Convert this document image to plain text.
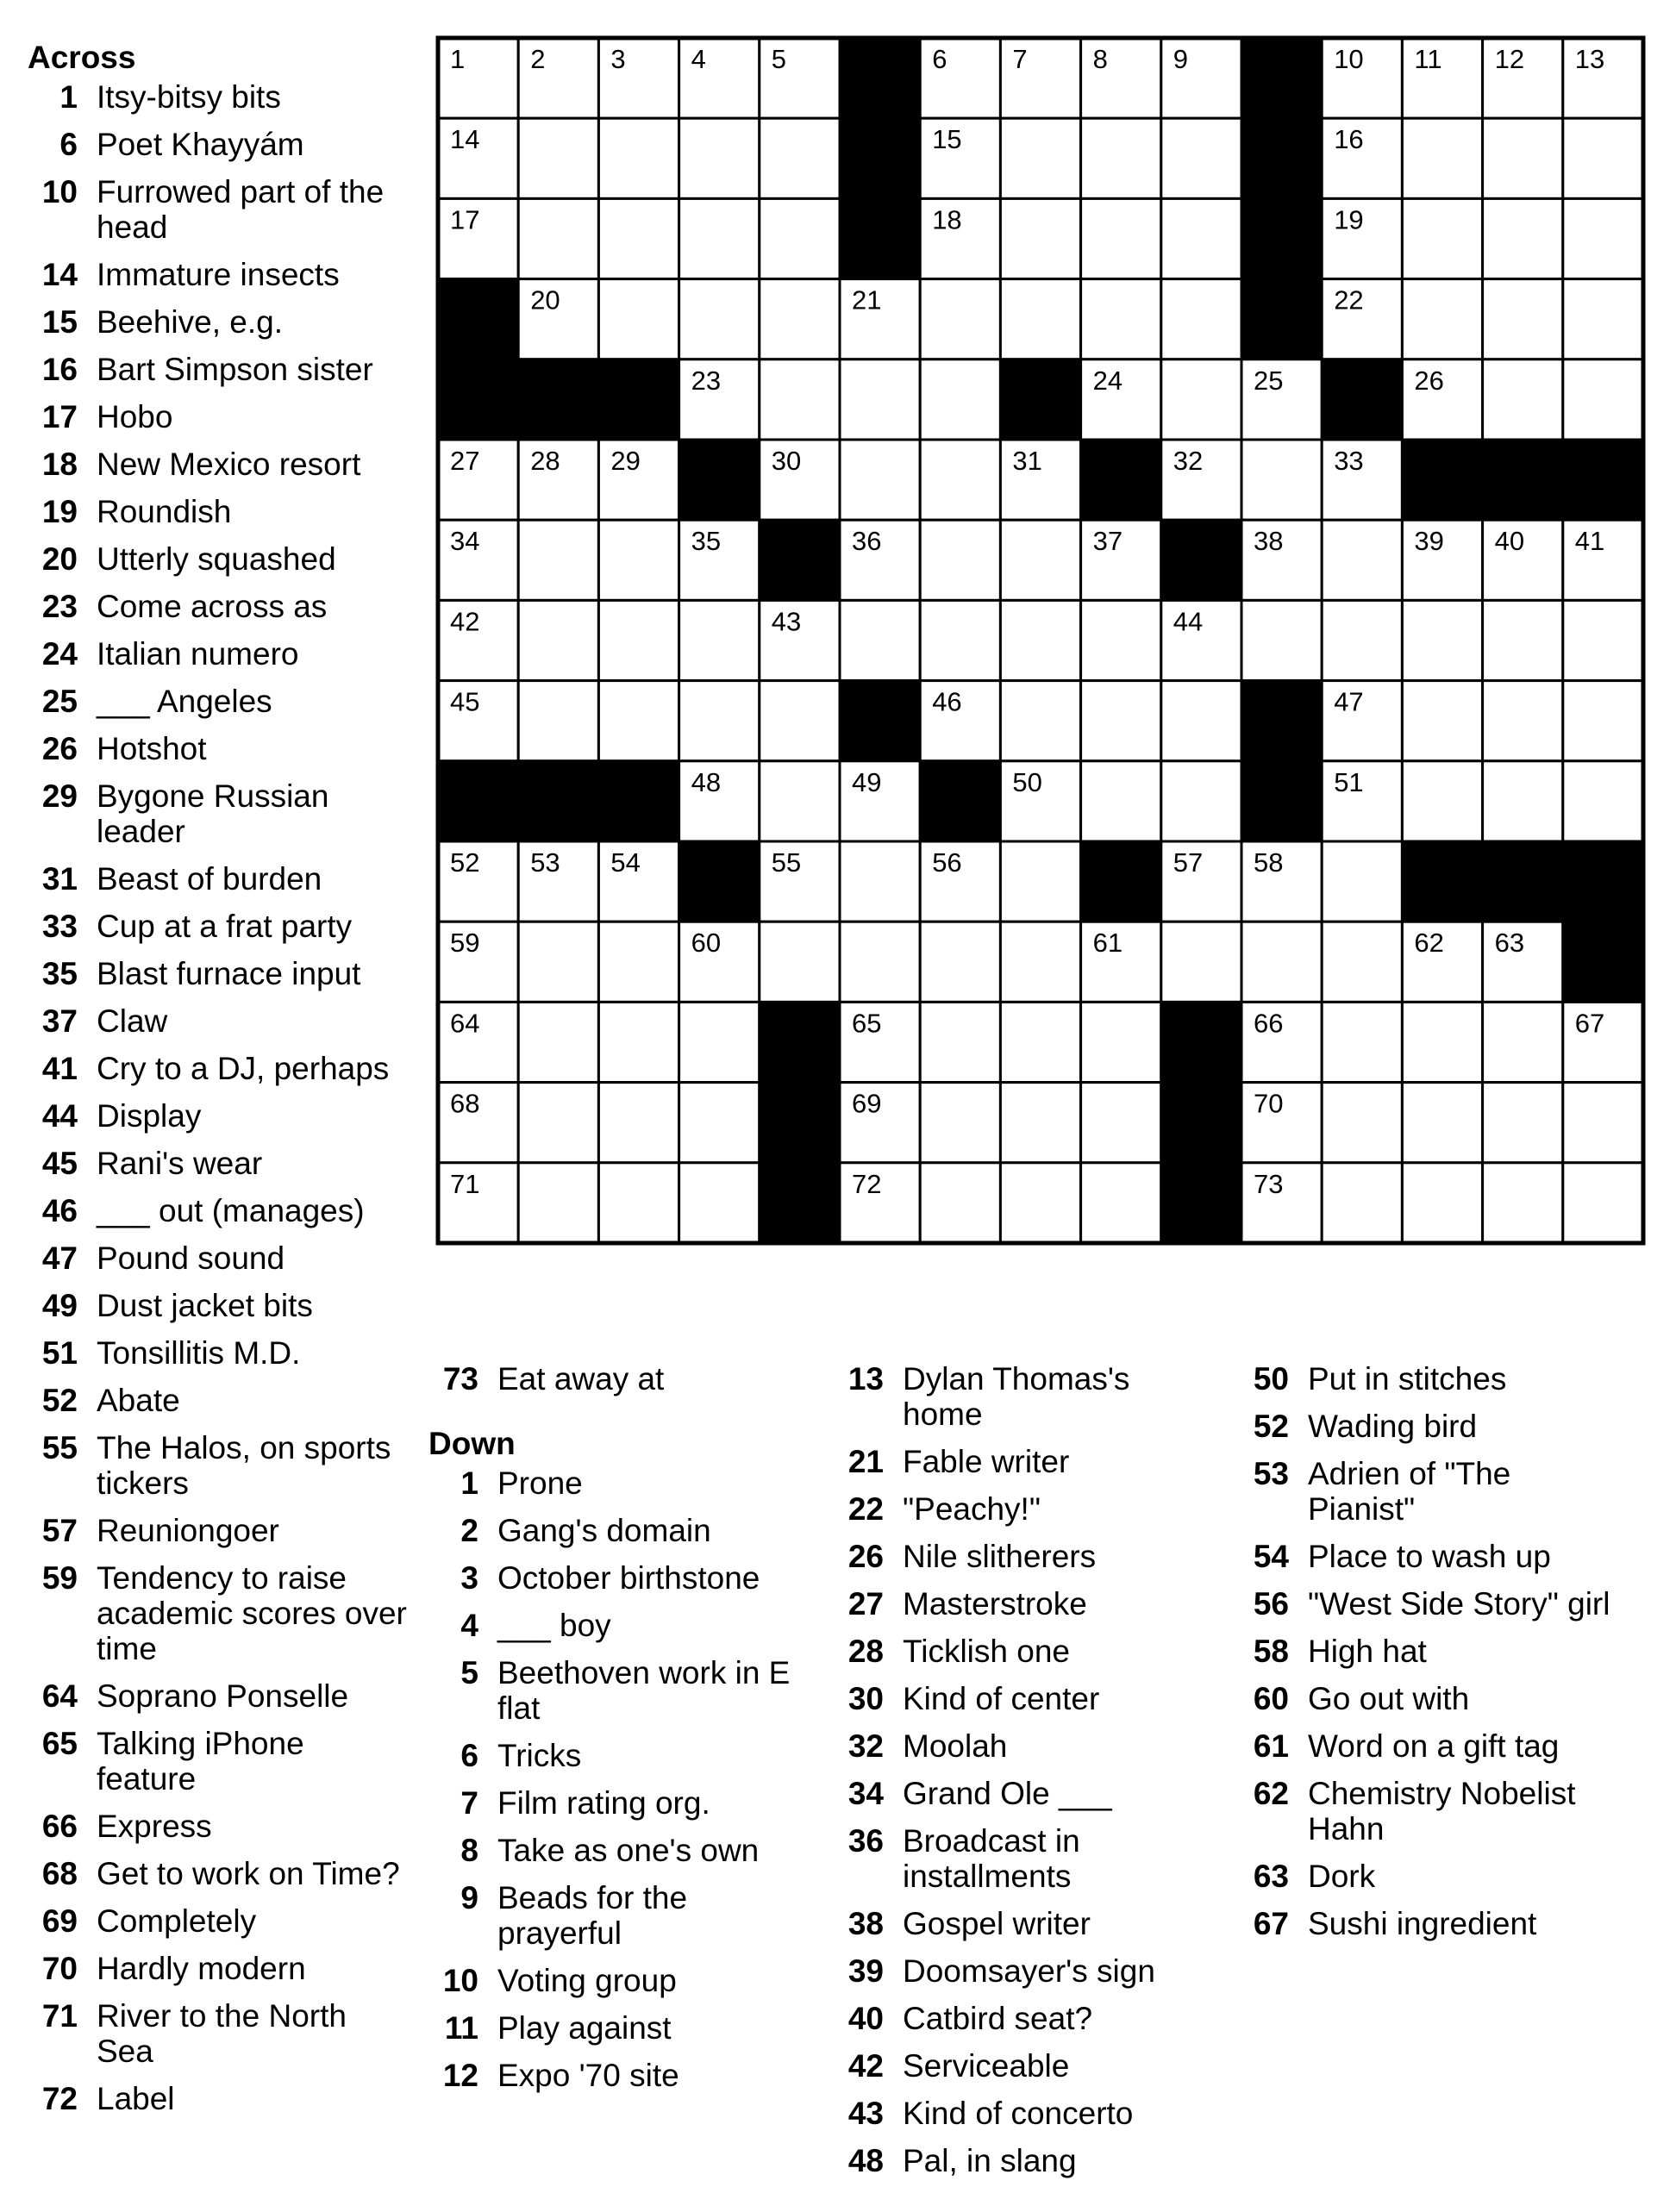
Across
1 Itsy-bitsy bits
6 Poet Khayyám
10 Furrowed part of the head
14 Immature insects
15 Beehive, e.g.
16 Bart Simpson sister
17 Hobo
18 New Mexico resort
19 Roundish
20 Utterly squashed
23 Come across as
24 Italian numero
25 ___ Angeles
26 Hotshot
29 Bygone Russian leader
31 Beast of burden
33 Cup at a frat party
35 Blast furnace input
37 Claw
41 Cry to a DJ, perhaps
44 Display
45 Rani's wear
46 ___ out (manages)
47 Pound sound
49 Dust jacket bits
51 Tonsillitis M.D.
52 Abate
55 The Halos, on sports tickers
57 Reuniongoer
59 Tendency to raise academic scores over time
64 Soprano Ponselle
65 Talking iPhone feature
66 Express
68 Get to work on Time?
69 Completely
70 Hardly modern
71 River to the North Sea
72 Label
73 Eat away at
Down
1 Prone
2 Gang's domain
3 October birthstone
4 ___ boy
5 Beethoven work in E flat
6 Tricks
7 Film rating org.
8 Take as one's own
9 Beads for the prayerful
10 Voting group
11 Play against
12 Expo '70 site
13 Dylan Thomas's home
21 Fable writer
22 "Peachy!"
26 Nile slitherers
27 Masterstroke
28 Ticklish one
30 Kind of center
32 Moolah
34 Grand Ole ___
36 Broadcast in installments
38 Gospel writer
39 Doomsayer's sign
40 Catbird seat?
42 Serviceable
43 Kind of concerto
48 Pal, in slang
50 Put in stitches
52 Wading bird
53 Adrien of "The Pianist"
54 Place to wash up
56 "West Side Story" girl
58 High hat
60 Go out with
61 Word on a gift tag
62 Chemistry Nobelist Hahn
63 Dork
67 Sushi ingredient
1 2 3 4 5	6 7 8 9	10 11 12 13
14	15	16
17	18	19
20	21	22
23	24	25	26
27 28 29	30	31	32	33
34	35	36	37	38	39 40 41
42	43	44
45	46	47
48	49	50	51
52 53 54	55	56	57 58
59	60	61	62 63
64	65	66	67
68	69	70
71	72	73
